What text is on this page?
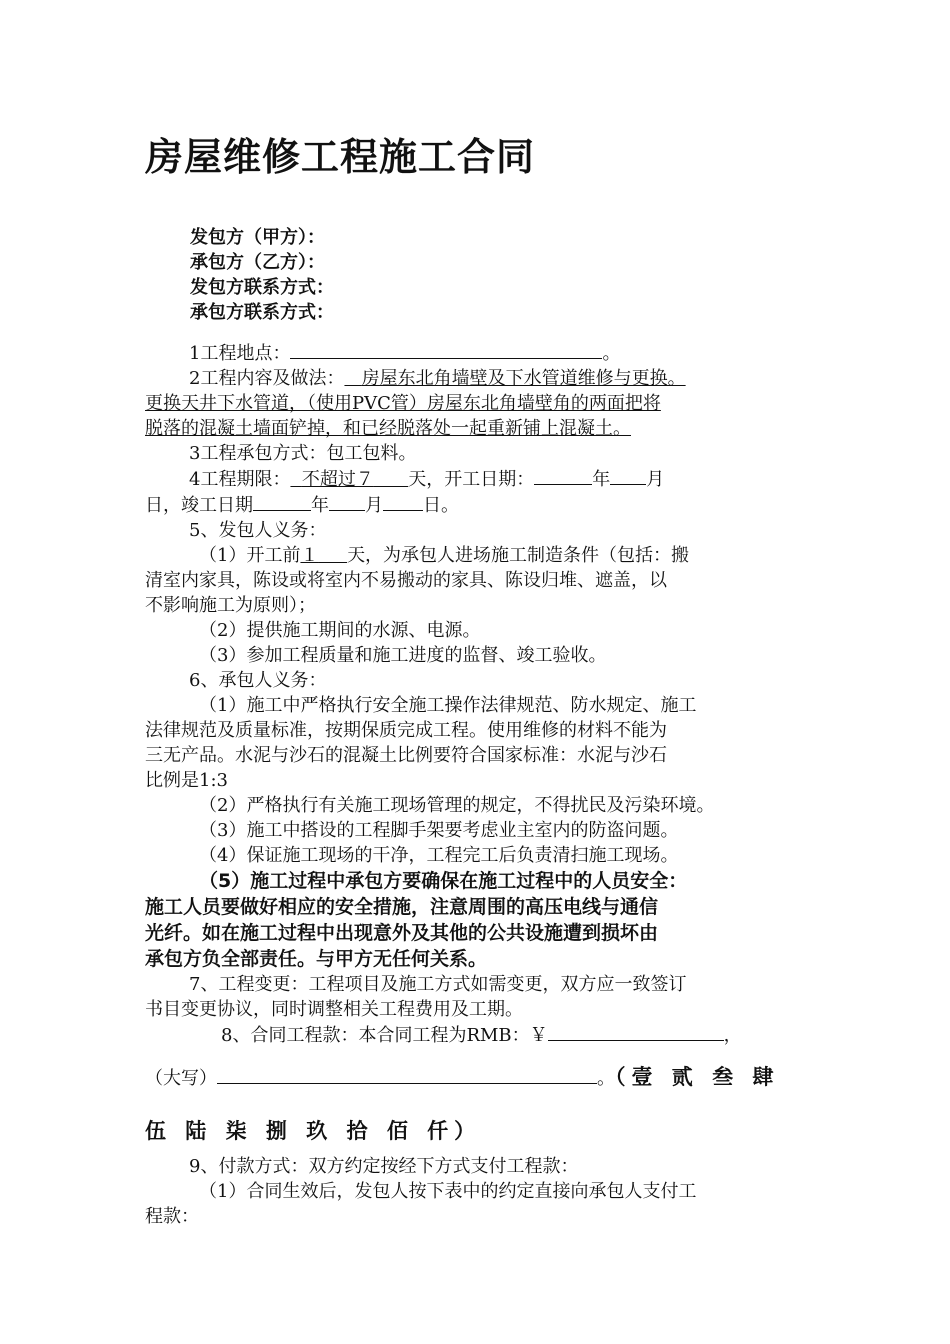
房屋维修工程施工合同
发包方（甲方）：
承包方（乙方）：
发包方联系方式：
承包方联系方式：
1工程地点：	。
2工程内容及做法： 房屋东北角墙壁及下水管道维修与更换。
更换天井下水管道，（使用PVC管）房屋东北角墙壁角的两面把将
脱落的混凝土墙面铲掉，和已经脱落处一起重新铺上混凝土。
3工程承包方式：包工包料。
4工程期限： 不超过７ 天，开工日期：	年 月
日，竣工日期	年 月 日。
5、发包人义务：
（1）开工前１ 天，为承包人进场施工制造条件（包括：搬
清室内家具，陈设或将室内不易搬动的家具、陈设归堆、遮盖，以
不影响施工为原则）；
（2）提供施工期间的水源、电源。
（3）参加工程质量和施工进度的监督、竣工验收。
6、承包人义务：
（1）施工中严格执行安全施工操作法律规范、防水规定、施工
法律规范及质量标准，按期保质完成工程。使用维修的材料不能为
三无产品。水泥与沙石的混凝土比例要符合国家标准：水泥与沙石
比例是1:3
（2）严格执行有关施工现场管理的规定，不得扰民及污染环境。
（3）施工中搭设的工程脚手架要考虑业主室内的防盗问题。
（4）保证施工现场的干净，工程完工后负责清扫施工现场。
（5）施工过程中承包方要确保在施工过程中的人员安全：
施工人员要做好相应的安全措施，注意周围的高压电线与通信
光纤。如在施工过程中出现意外及其他的公共设施遭到损坏由
承包方负全部责任。与甲方无任何关系。
7、工程变更：工程项目及施工方式如需变更，双方应一致签订
书目变更协议，同时调整相关工程费用及工期。
8、合同工程款：本合同工程为RMB：￥	，
（大写）	。（壹 贰 叁 肆
伍 陆 柒 捌 玖 拾 佰 仟）
9、付款方式：双方约定按经下方式支付工程款：
（1）合同生效后，发包人按下表中的约定直接向承包人支付工
程款：
